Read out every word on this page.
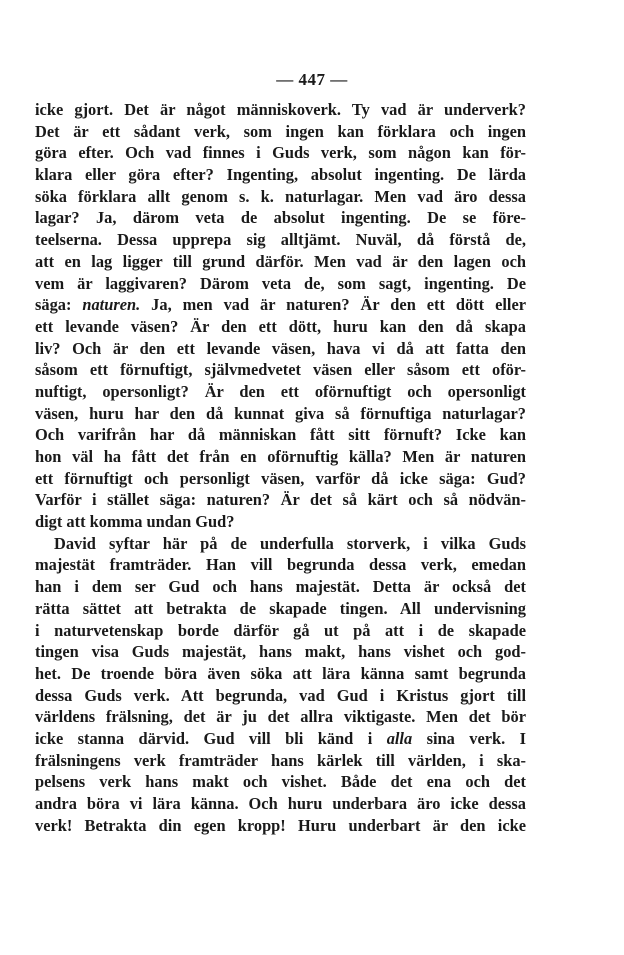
— 447 —
icke gjort. Det är något människoverk. Ty vad är underverk?
Det är ett sådant verk, som ingen kan förklara och ingen
göra efter. Och vad finnes i Guds verk, som någon kan för-
klara eller göra efter? Ingenting, absolut ingenting. De lärda
söka förklara allt genom s. k. naturlagar. Men vad äro dessa
lagar? Ja, därom veta de absolut ingenting. De se före-
teelserna. Dessa upprepa sig alltjämt. Nuväl, då förstå de,
att en lag ligger till grund därför. Men vad är den lagen och
vem är laggivaren? Därom veta de, som sagt, ingenting. De
säga: naturen. Ja, men vad är naturen? Är den ett dött eller
ett levande väsen? Är den ett dött, huru kan den då skapa
liv? Och är den ett levande väsen, hava vi då att fatta den
såsom ett förnuftigt, självmedvetet väsen eller såsom ett oför-
nuftigt, opersonligt? Är den ett oförnuftigt och opersonligt
väsen, huru har den då kunnat giva så förnuftiga naturlagar?
Och varifrån har då människan fått sitt förnuft? Icke kan
hon väl ha fått det från en oförnuftig källa? Men är naturen
ett förnuftigt och personligt väsen, varför då icke säga: Gud?
Varför i stället säga: naturen? Är det så kärt och så nödvän-
digt att komma undan Gud?
David syftar här på de underfulla storverk, i vilka Guds
majestät framträder. Han vill begrunda dessa verk, emedan
han i dem ser Gud och hans majestät. Detta är också det
rätta sättet att betrakta de skapade tingen. All undervisning
i naturvetenskap borde därför gå ut på att i de skapade
tingen visa Guds majestät, hans makt, hans vishet och god-
het. De troende böra även söka att lära känna samt begrunda
dessa Guds verk. Att begrunda, vad Gud i Kristus gjort till
världens frälsning, det är ju det allra viktigaste. Men det bör
icke stanna därvid. Gud vill bli känd i alla sina verk. I
frälsningens verk framträder hans kärlek till världen, i ska-
pelsens verk hans makt och vishet. Både det ena och det
andra böra vi lära känna. Och huru underbara äro icke dessa
verk! Betrakta din egen kropp! Huru underbart är den icke
